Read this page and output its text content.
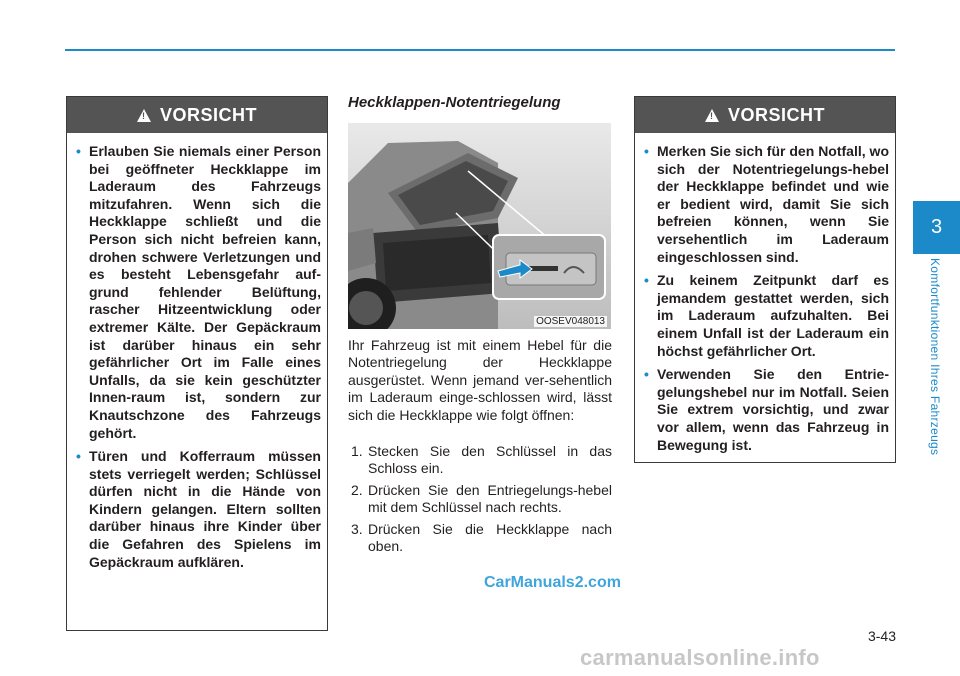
3
Komfortfunktionen Ihres Fahrzeugs
!
VORSICHT
• Erlauben Sie niemals einer Person bei geöffneter Heckklappe im Laderaum des Fahrzeugs mitzufahren. Wenn sich die Heckklappe schließt und die Person sich nicht befreien kann, drohen schwere Verletzungen und es besteht Lebensgefahr auf-grund fehlender Belüftung, rascher Hitzeentwicklung oder extremer Kälte. Der Gepäckraum ist darüber hinaus ein sehr gefährlicher Ort im Falle eines Unfalls, da sie kein geschützter Innen-raum ist, sondern zur Knautschzone des Fahrzeugs gehört.
• Türen und Kofferraum müssen stets verriegelt werden; Schlüssel dürfen nicht in die Hände von Kindern gelangen. Eltern sollten darüber hinaus ihre Kinder über die Gefahren des Spielens im Gepäckraum aufklären.
Heckklappen-Notentriegelung
OOSEV048013
Ihr Fahrzeug ist mit einem Hebel für die Notentriegelung der Heckklappe ausgerüstet. Wenn jemand ver-sehentlich im Laderaum einge-schlossen wird, lässt sich die Heckklappe wie folgt öffnen:
1. Stecken Sie den Schlüssel in das Schloss ein.
2. Drücken Sie den Entriegelungs-hebel mit dem Schlüssel nach rechts.
3. Drücken Sie die Heckklappe nach oben.
!
VORSICHT
• Merken Sie sich für den Notfall, wo sich der Notentriegelungs-hebel der Heckklappe befindet und wie er bedient wird, damit Sie sich befreien können, wenn Sie versehentlich im Laderaum eingeschlossen sind.
• Zu keinem Zeitpunkt darf es jemandem gestattet werden, sich im Laderaum aufzuhalten. Bei einem Unfall ist der Laderaum ein höchst gefährlicher Ort.
• Verwenden Sie den Entrie-gelungshebel nur im Notfall. Seien Sie extrem vorsichtig, und zwar vor allem, wenn das Fahrzeug in Bewegung ist.
CarManuals2.com
3-43
carmanualsonline.info
